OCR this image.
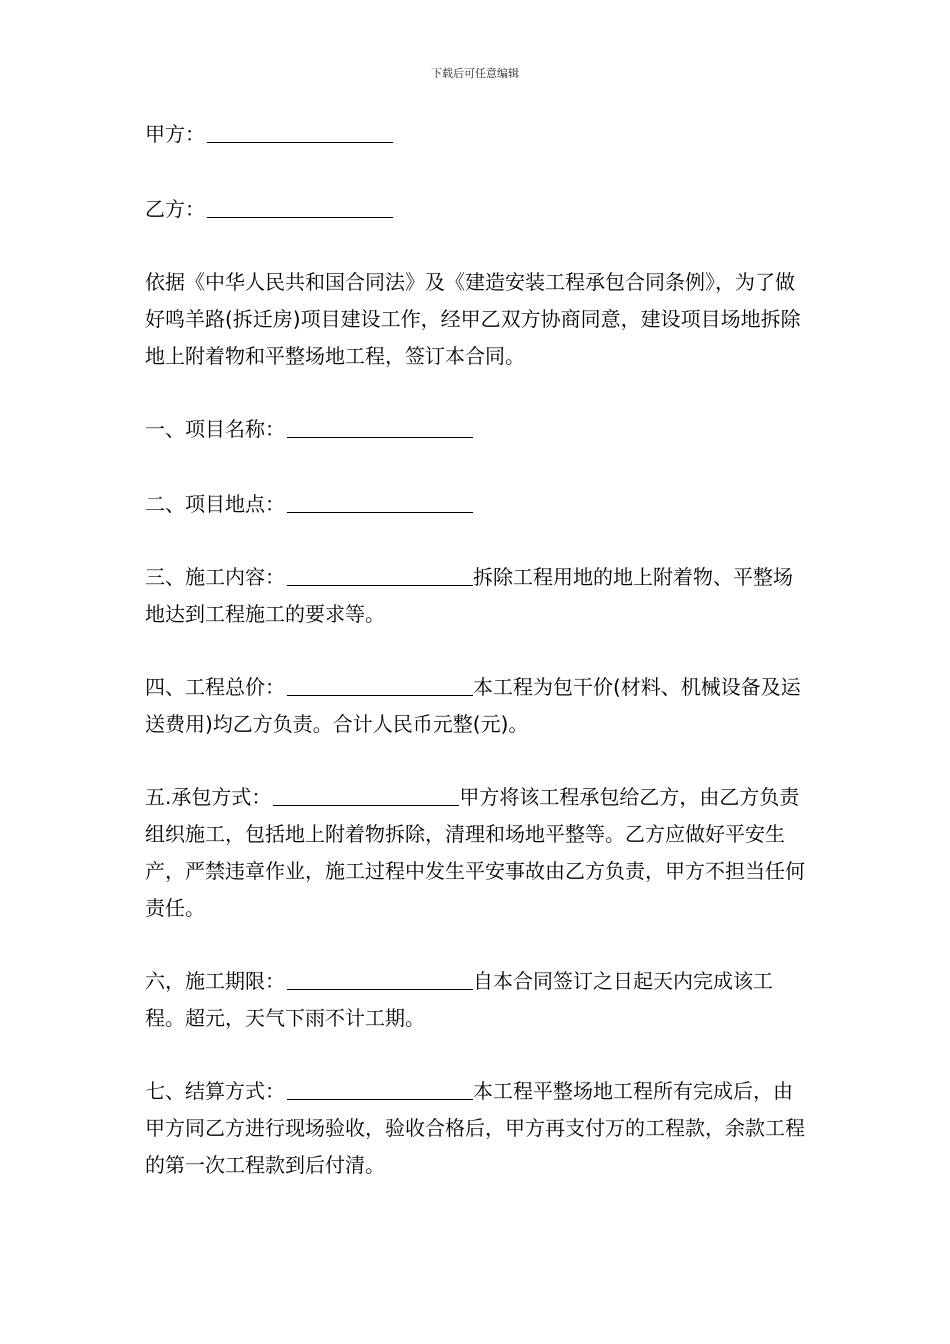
下载后可任意编辑

甲方：

乙方：

依据《中华人民共和国合同法》及《建造安装工程承包合同条例》，为了做好鸣羊路(拆迁房)项目建设工作，经甲乙双方协商同意，建设项目场地拆除地上附着物和平整场地工程，签订本合同。

一、项目名称：

二、项目地点：

三、施工内容：	拆除工程用地的地上附着物、平整场地达到工程施工的要求等。

四、工程总价：	本工程为包干价(材料、机械设备及运送费用)均乙方负责。合计人民币元整(元)。

五.承包方式：	甲方将该工程承包给乙方，由乙方负责组织施工，包括地上附着物拆除，清理和场地平整等。乙方应做好平安生产，严禁违章作业，施工过程中发生平安事故由乙方负责，甲方不担当任何责任。

六，施工期限：	自本合同签订之日起天内完成该工程。超元，天气下雨不计工期。

七、结算方式：	本工程平整场地工程所有完成后，由甲方同乙方进行现场验收，验收合格后，甲方再支付万的工程款，余款工程的第一次工程款到后付清。
